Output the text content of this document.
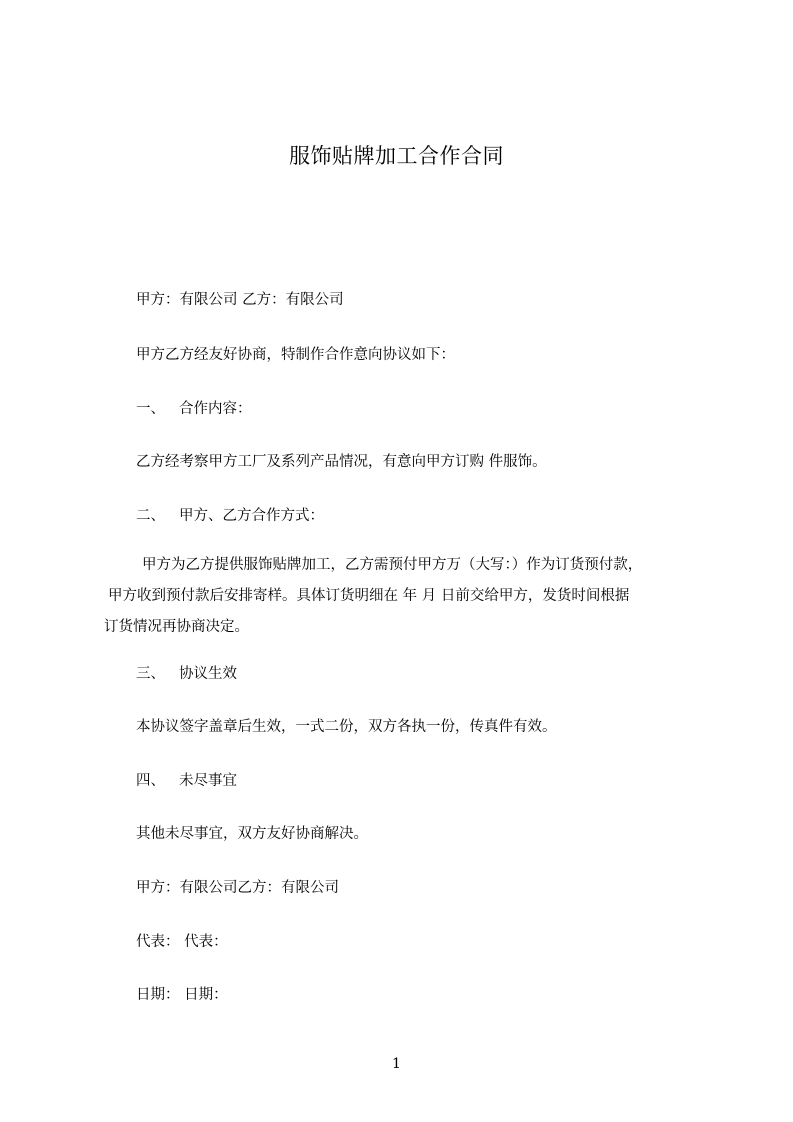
服饰贴牌加工合作合同
甲方：有限公司 乙方：有限公司
甲方乙方经友好协商，特制作合作意向协议如下：
一、 合作内容：
乙方经考察甲方工厂及系列产品情况，有意向甲方订购 件服饰。
二、 甲方、乙方合作方式：

甲方为乙方提供服饰贴牌加工，乙方需预付甲方万（大写：）作为订货预付款，

甲方收到预付款后安排寄样。具体订货明细在 年 月 日前交给甲方，发货时间根据

订货情况再协商决定。

三、 协议生效
本协议签字盖章后生效，一式二份，双方各执一份，传真件有效。
四、 未尽事宜
其他未尽事宜，双方友好协商解决。
甲方：有限公司乙方：有限公司
代表： 代表：
日期： 日期：
1
